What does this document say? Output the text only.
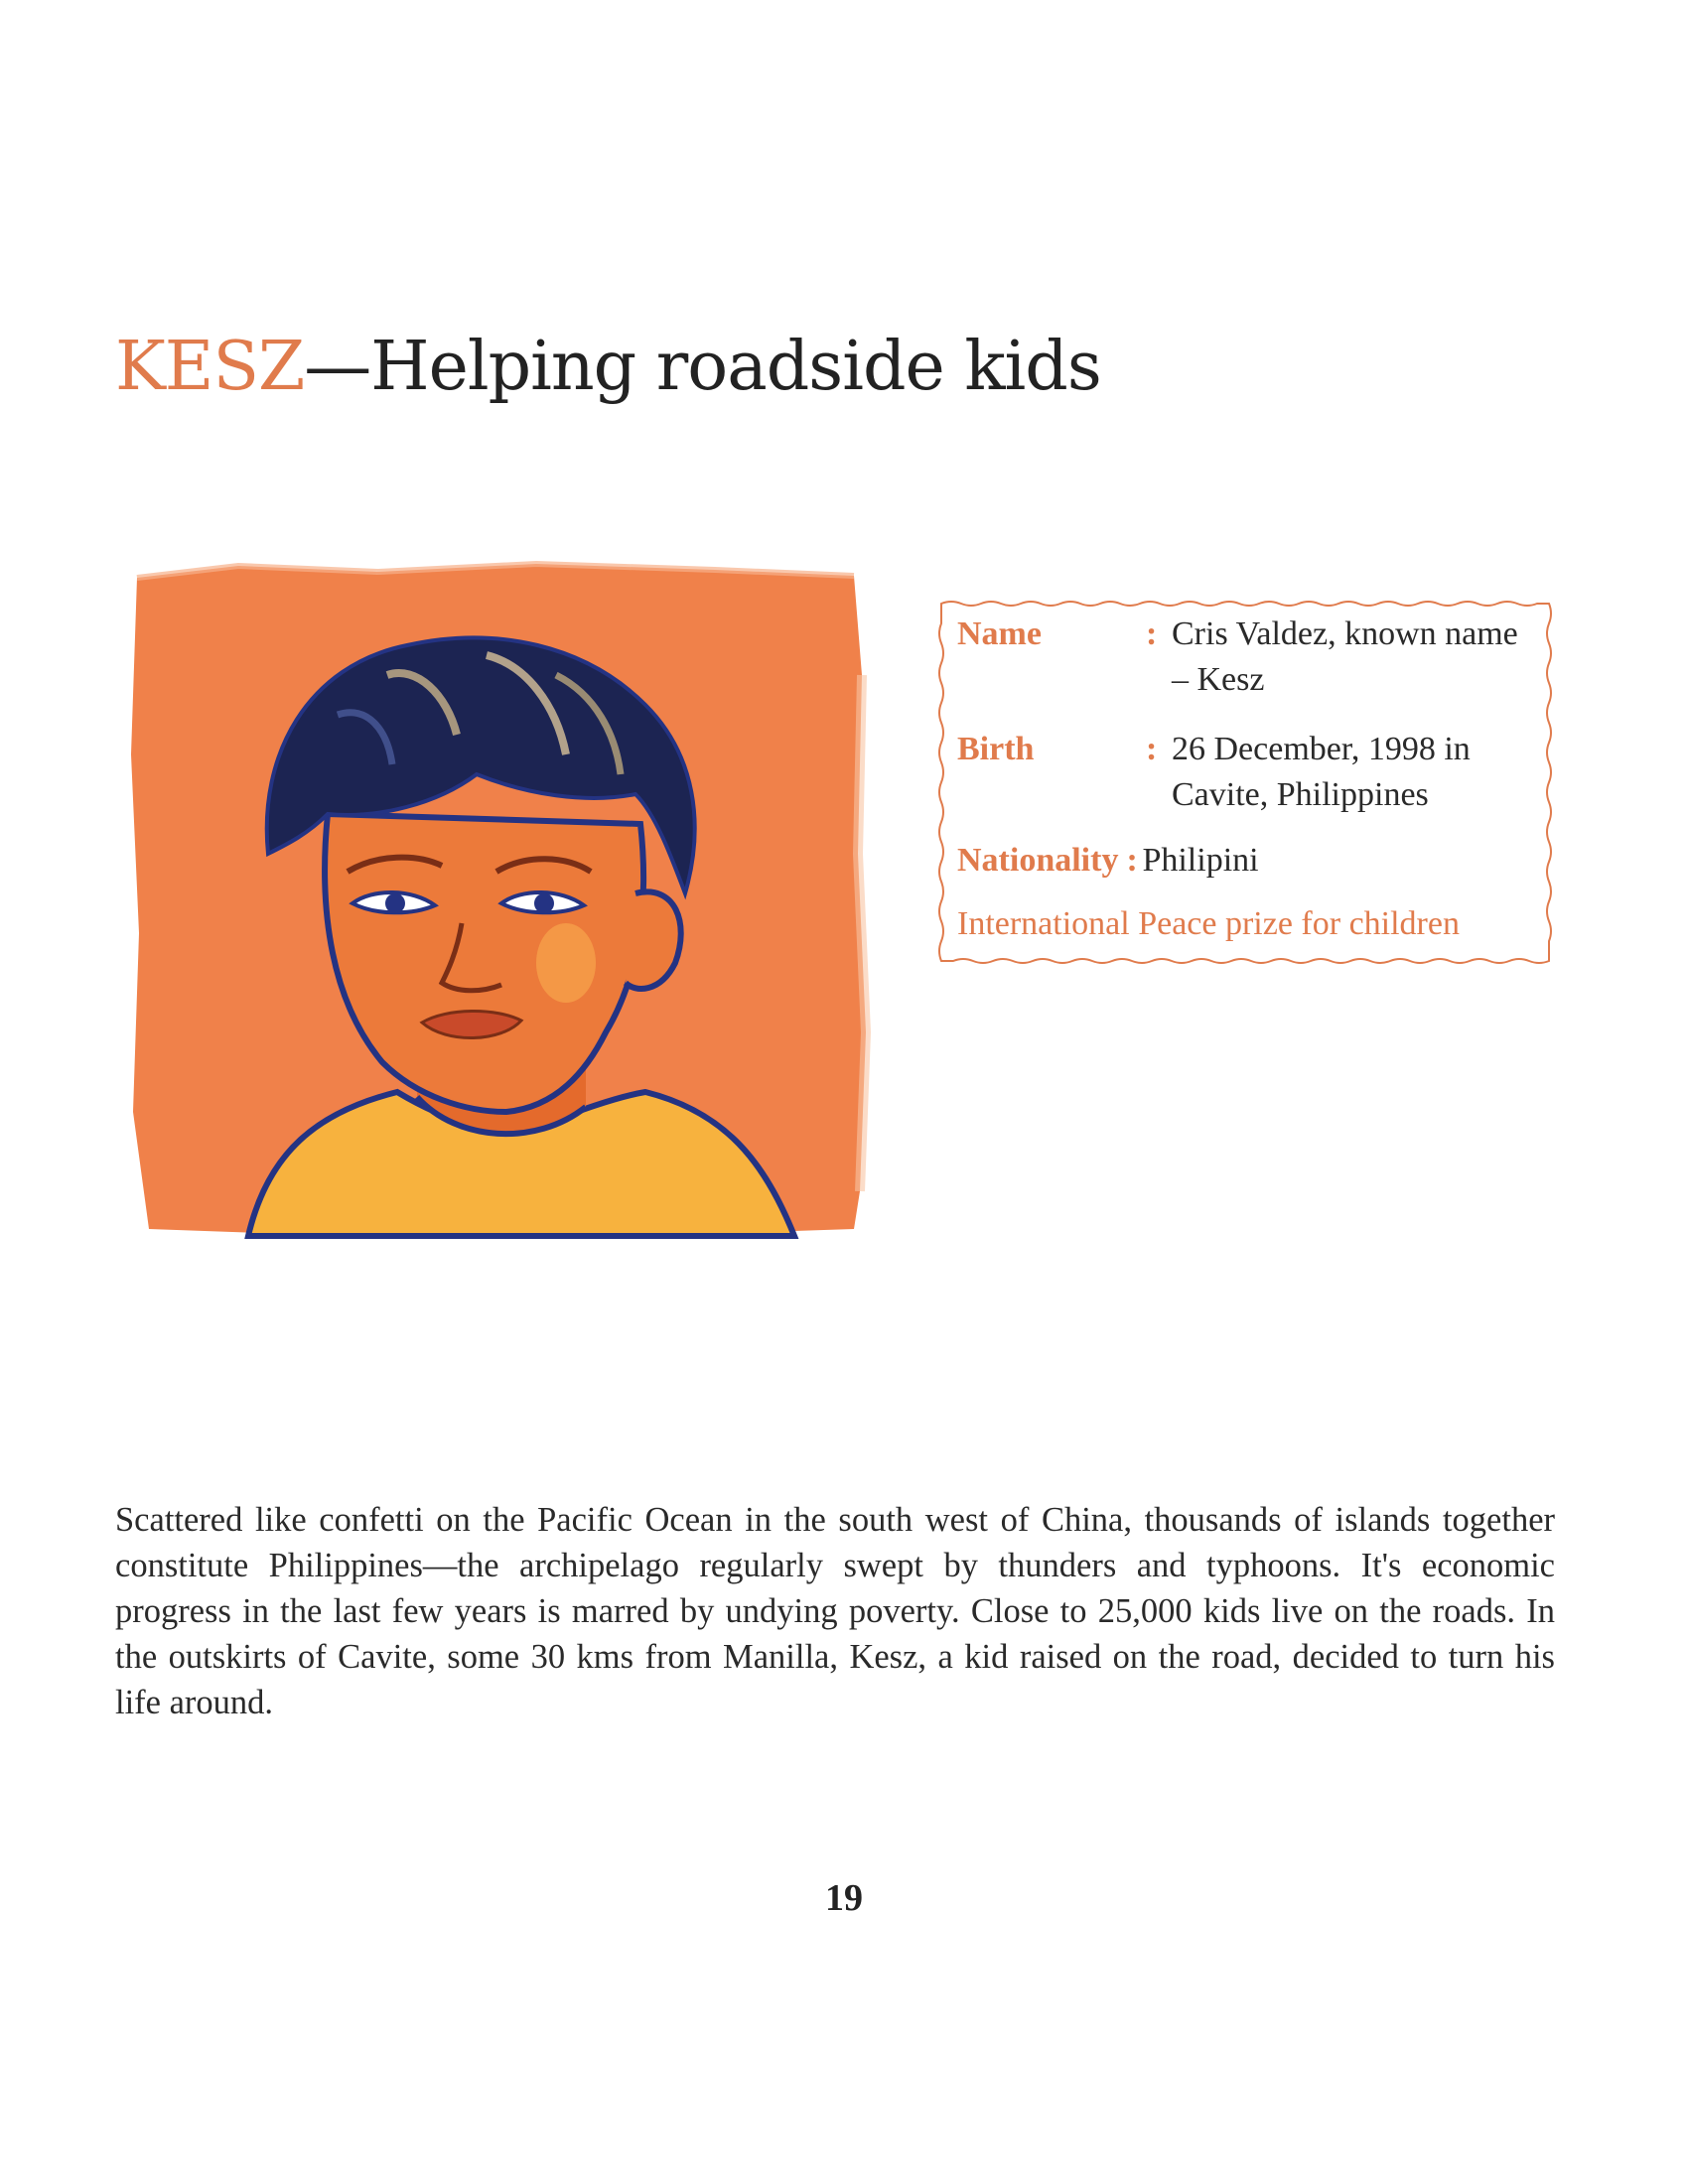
KESZ—Helping roadside kids
Name	: Cris Valdez, known name
– Kesz
Birth	: 26 December, 1998 in
Cavite, Philippines
Nationality : Philipini
International Peace prize for children

Scattered like confetti on the Pacific Ocean in the south west of China, thousands of islands together constitute Philippines—the archipelago regularly swept by thunders and typhoons. It's economic progress in the last few years is marred by undying poverty. Close to 25,000 kids live on the roads. In the outskirts of Cavite, some 30 kms from Manilla, Kesz, a kid raised on the road, decided to turn his life around.

19
